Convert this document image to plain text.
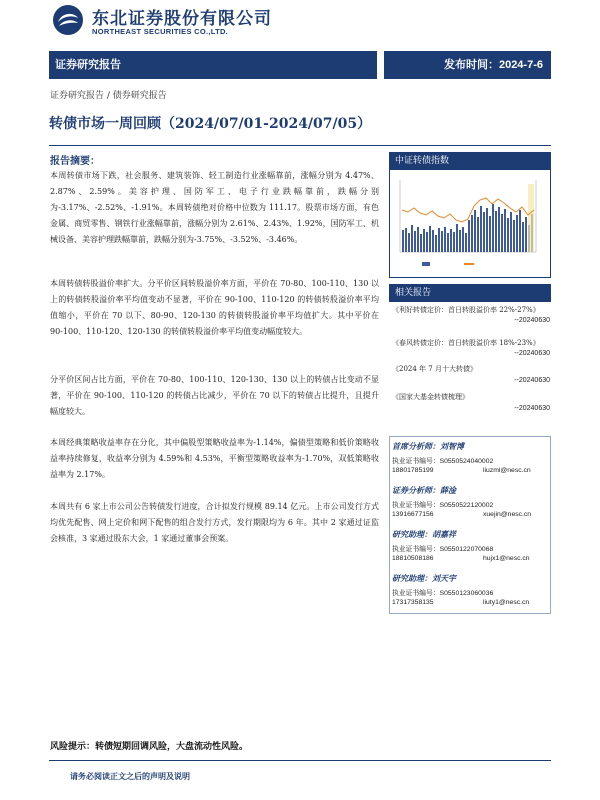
东北证券股份有限公司
NORTHEAST SECURITIES CO.,LTD.
证券研究报告	发布时间：2024-7-6
证券研究报告 / 债券研究报告
转债市场一周回顾（2024/07/01-2024/07/05）
报告摘要：

本周转债市场下跌，社会服务、建筑装饰、轻工制造行业涨幅靠前，涨幅分别为 4.47%、2.87%、2.59%。美容护理、国防军工、电子行业跌幅靠前，跌幅分别为-3.17%、-2.52%、-1.91%。本周转债绝对价格中位数为 111.17。股票市场方面，有色金属、商贸零售、钢铁行业涨幅靠前，涨幅分别为 2.61%、2.43%、1.92%，国防军工、机械设备、美容护理跌幅靠前，跌幅分别为-3.75%、-3.52%、-3.46%。

本周转债转股溢价率扩大。分平价区间转股溢价率方面，平价在 70-80、100-110、130 以上的转债转股溢价率平均值变动不显著，平价在 90-100、110-120 的转债转股溢价率平均值缩小，平价在 70 以下、80-90、120-130 的转债转股溢价率平均值扩大。其中平价在 90-100、110-120、120-130 的转债转股溢价率平均值变动幅度较大。

分平价区间占比方面，平价在 70-80、100-110、120-130、130 以上的转债占比变动不显著，平价在 90-100、110-120 的转债占比减少，平价在 70 以下的转债占比提升，且提升幅度较大。

本周经典策略收益率存在分化，其中偏股型策略收益率为-1.14%，偏债型策略和低价策略收益率持续修复，收益率分别为 4.59%和 4.53%，平衡型策略收益率为-1.70%，双低策略收益率为 2.17%。

本周共有 6 家上市公司公告转债发行进度，合计拟发行规模 89.14 亿元。上市公司发行方式均优先配售、网上定价和网下配售的组合发行方式，发行期限均为 6 年。其中 2 家通过证监会核准，3 家通过股东大会，1 家通过董事会预案。

中证转债指数
相关报告
《利好转债定价：首日转股溢价率 22%-27%》
--20240630
《春风转债定价：首日转股溢价率 18%-23%》
--20240630
《2024 年 7 月十大转债》
--20240630
《国家大基金转债梳理》
--20240630
首席分析师：刘智博
执业证书编号：S0550524040002
18801785199	liuzml@nesc.cn
证券分析师：薛淦
执业证书编号：S0550522120002
13916677156	xuejin@nesc.cn
研究助理：胡嘉祥
执业证书编号：S0550122070068
18810508186	hujx1@nesc.cn
研究助理：刘天宇
执业证书编号：S0550123060036
17317358135	liuty1@nesc.cn
风险提示：转债短期回调风险，大盘流动性风险。
请务必阅读正文之后的声明及说明
